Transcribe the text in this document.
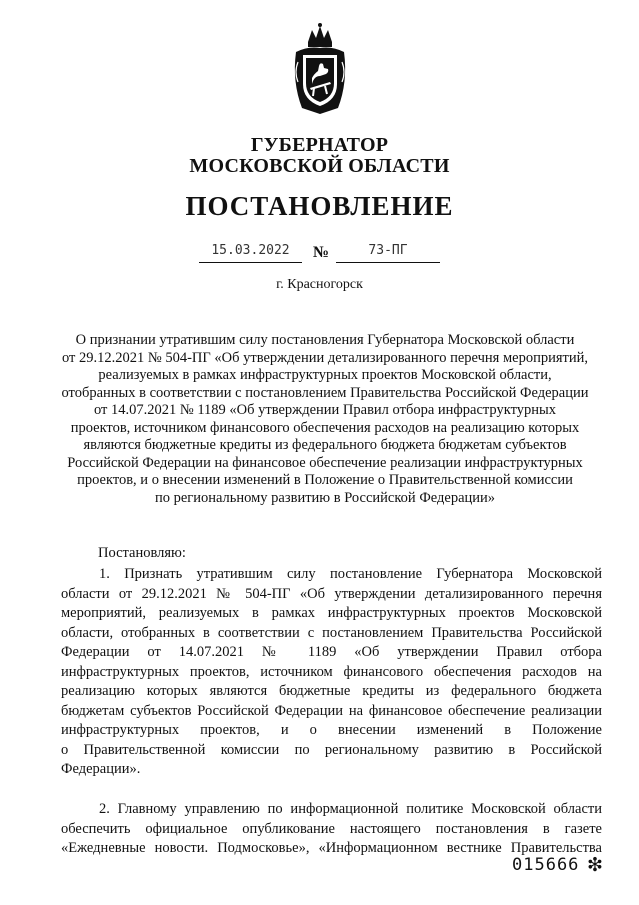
ГУБЕРНАТОР
МОСКОВСКОЙ ОБЛАСТИ
ПОСТАНОВЛЕНИЕ
15.03.2022	№	73-ПГ
г. Красногорск
О признании утратившим силу постановления Губернатора Московской области
от 29.12.2021 № 504-ПГ «Об утверждении детализированного перечня мероприятий,
реализуемых в рамках инфраструктурных проектов Московской области,
отобранных в соответствии с постановлением Правительства Российской Федерации
от 14.07.2021 № 1189 «Об утверждении Правил отбора инфраструктурных
проектов, источником финансового обеспечения расходов на реализацию которых
являются бюджетные кредиты из федерального бюджета бюджетам субъектов
Российской Федерации на финансовое обеспечение реализации инфраструктурных
проектов, и о внесении изменений в Положение о Правительственной комиссии
по региональному развитию в Российской Федерации»
Постановляю:
1. Признать утратившим силу постановление Губернатора Московской
области от 29.12.2021 № 504-ПГ «Об утверждении детализированного перечня
мероприятий, реализуемых в рамках инфраструктурных проектов Московской
области, отобранных в соответствии с постановлением Правительства Российской
Федерации от 14.07.2021 № 1189 «Об утверждении Правил отбора
инфраструктурных проектов, источником финансового обеспечения расходов на
реализацию которых являются бюджетные кредиты из федерального бюджета
бюджетам субъектов Российской Федерации на финансовое обеспечение реализации
инфраструктурных проектов, и о внесении изменений в Положение
о Правительственной комиссии по региональному развитию в Российской
Федерации».
2. Главному управлению по информационной политике Московской области
обеспечить официальное опубликование настоящего постановления в газете
«Ежедневные новости. Подмосковье», «Информационном вестнике Правительства
015666 ❇
